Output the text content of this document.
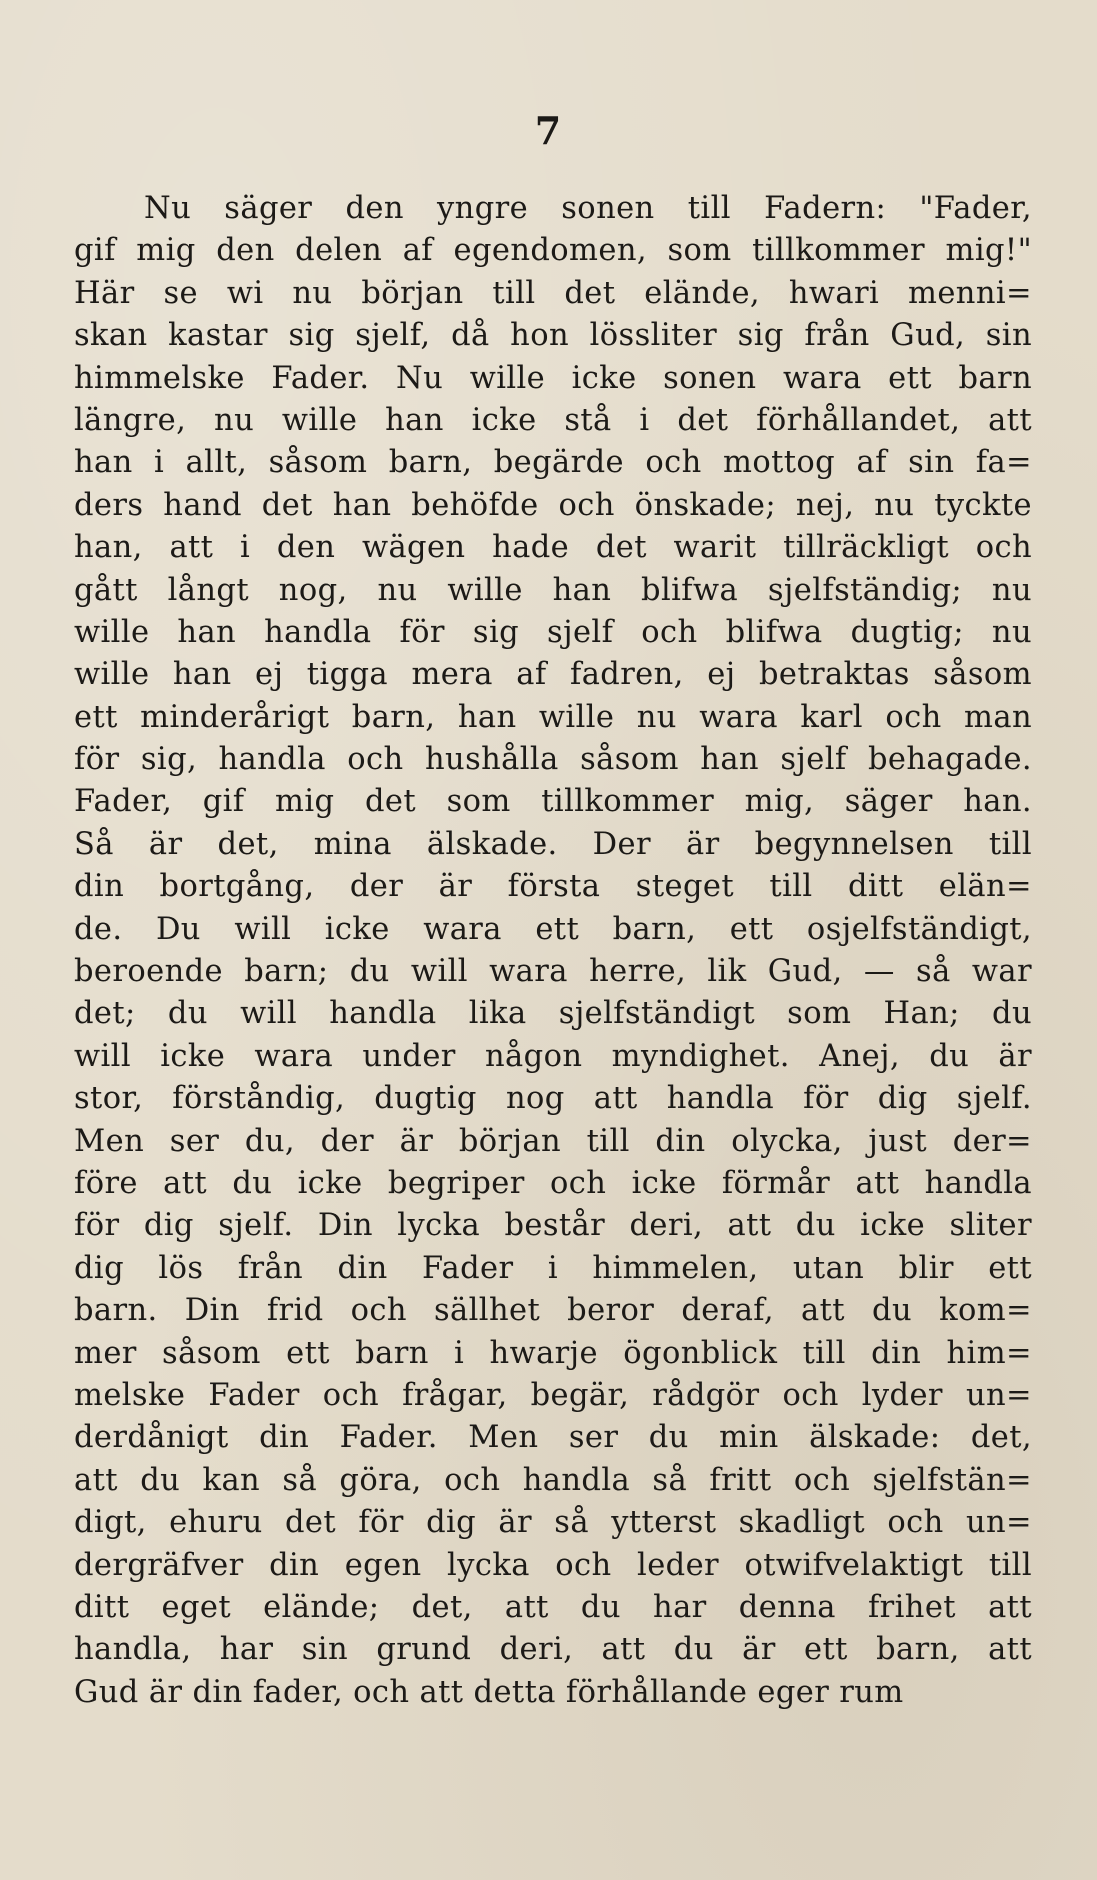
7
Nu säger den yngre sonen till Fadern: "Fader,
gif mig den delen af egendomen, som tillkommer mig!"
Här se wi nu början till det elände, hwari menni=
skan kastar sig sjelf, då hon lössliter sig från Gud, sin
himmelske Fader. Nu wille icke sonen wara ett barn
längre, nu wille han icke stå i det förhållandet, att
han i allt, såsom barn, begärde och mottog af sin fa=
ders hand det han behöfde och önskade; nej, nu tyckte
han, att i den wägen hade det warit tillräckligt och
gått långt nog, nu wille han blifwa sjelfständig; nu
wille han handla för sig sjelf och blifwa dugtig; nu
wille han ej tigga mera af fadren, ej betraktas såsom
ett minderårigt barn, han wille nu wara karl och man
för sig, handla och hushålla såsom han sjelf behagade.
Fader, gif mig det som tillkommer mig, säger han.
Så är det, mina älskade. Der är begynnelsen till
din bortgång, der är första steget till ditt elän=
de. Du will icke wara ett barn, ett osjelfständigt,
beroende barn; du will wara herre, lik Gud, — så war
det; du will handla lika sjelfständigt som Han; du
will icke wara under någon myndighet. Anej, du är
stor, förståndig, dugtig nog att handla för dig sjelf.
Men ser du, der är början till din olycka, just der=
före att du icke begriper och icke förmår att handla
för dig sjelf. Din lycka består deri, att du icke sliter
dig lös från din Fader i himmelen, utan blir ett
barn. Din frid och sällhet beror deraf, att du kom=
mer såsom ett barn i hwarje ögonblick till din him=
melske Fader och frågar, begär, rådgör och lyder un=
derdånigt din Fader. Men ser du min älskade: det,
att du kan så göra, och handla så fritt och sjelfstän=
digt, ehuru det för dig är så ytterst skadligt och un=
dergräfver din egen lycka och leder otwifvelaktigt till
ditt eget elände; det, att du har denna frihet att
handla, har sin grund deri, att du är ett barn, att
Gud är din fader, och att detta förhållande eger rum
